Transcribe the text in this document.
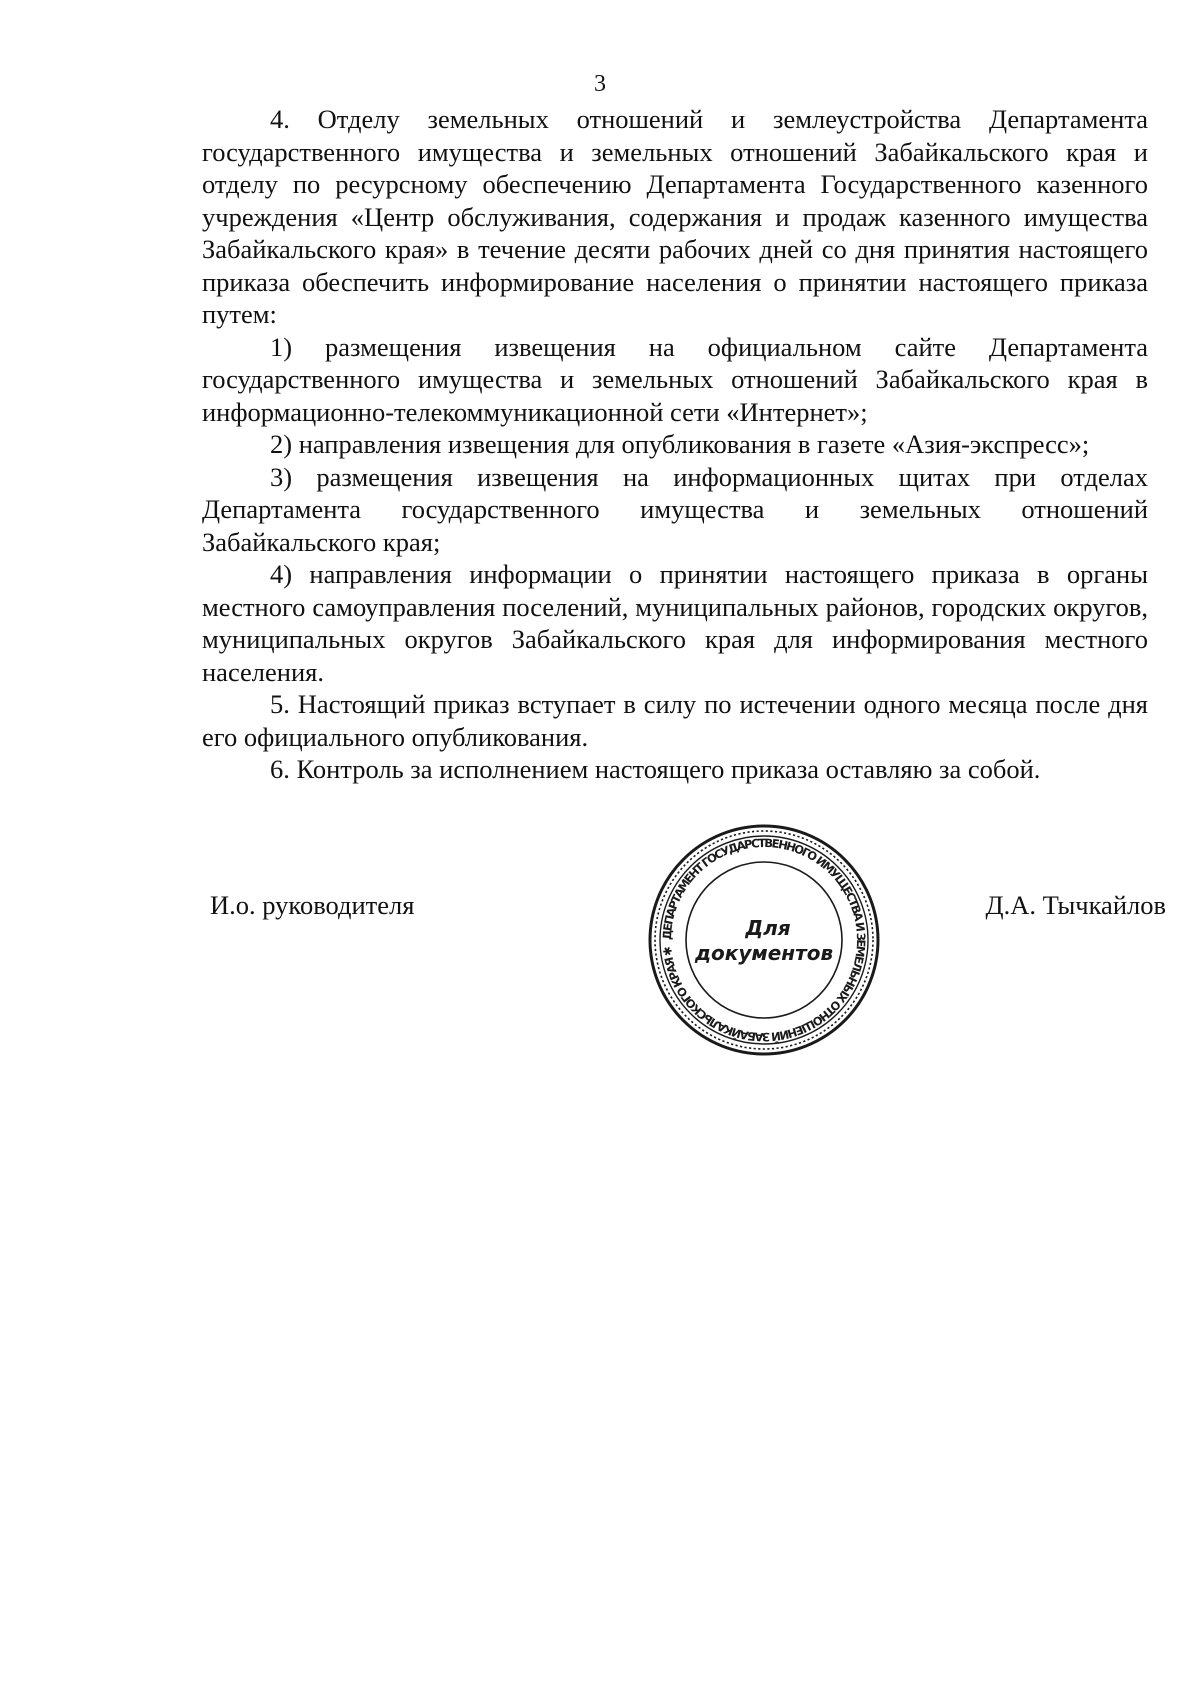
3

4. Отделу земельных отношений и землеустройства Департамента государственного имущества и земельных отношений Забайкальского края и отделу по ресурсному обеспечению Департамента Государственного казенного учреждения «Центр обслуживания, содержания и продаж казенного имущества Забайкальского края» в течение десяти рабочих дней со дня принятия настоящего приказа обеспечить информирование населения о принятии настоящего приказа путем:

1) размещения извещения на официальном сайте Департамента государственного имущества и земельных отношений Забайкальского края в информационно-телекоммуникационной сети «Интернет»;

2) направления извещения для опубликования в газете «Азия-экспресс»;

3) размещения извещения на информационных щитах при отделах Департамента государственного имущества и земельных отношений Забайкальского края;

4) направления информации о принятии настоящего приказа в органы местного самоуправления поселений, муниципальных районов, городских округов, муниципальных округов Забайкальского края для информирования местного населения.

5. Настоящий приказ вступает в силу по истечении одного месяца после дня его официального опубликования.

6. Контроль за исполнением настоящего приказа оставляю за собой.

И.о. руководителя
ДЕПАРТАМЕНТ ГОСУДАРСТВЕННОГО ИМУЩЕСТВА И ЗЕМЕЛЬНЫХ ОТНОШЕНИЙ ЗАБАЙКАЛЬСКОГО КРАЯ ✱
Для
документов
Д.А. Тычкайлов
